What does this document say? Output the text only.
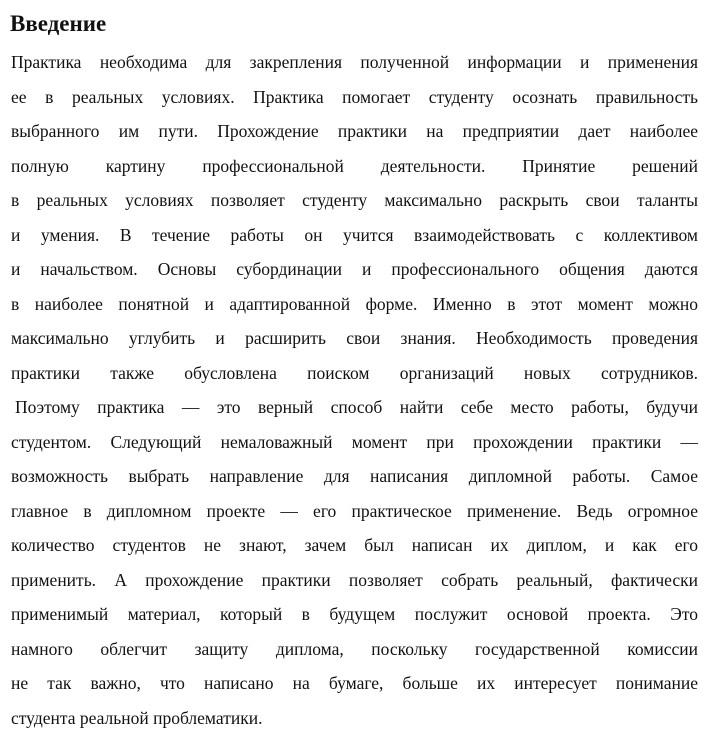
Введение
Практика необходима для закрепления полученной информации и применения
ее в реальных условиях. Практика помогает студенту осознать правильность
выбранного им пути. Прохождение практики на предприятии дает наиболее
полную картину профессиональной деятельности. Принятие решений
в реальных условиях позволяет студенту максимально раскрыть свои таланты
и умения. В течение работы он учится взаимодействовать с коллективом
и начальством. Основы субординации и профессионального общения даются
в наиболее понятной и адаптированной форме. Именно в этот момент можно
максимально углубить и расширить свои знания. Необходимость проведения
практики также обусловлена поиском организаций новых сотрудников.
Поэтому практика — это верный способ найти себе место работы, будучи
студентом. Следующий немаловажный момент при прохождении практики —
возможность выбрать направление для написания дипломной работы. Самое
главное в дипломном проекте — его практическое применение. Ведь огромное
количество студентов не знают, зачем был написан их диплом, и как его
применить. А прохождение практики позволяет собрать реальный, фактически
применимый материал, который в будущем послужит основой проекта. Это
намного облегчит защиту диплома, поскольку государственной комиссии
не так важно, что написано на бумаге, больше их интересует понимание
студента реальной проблематики.
